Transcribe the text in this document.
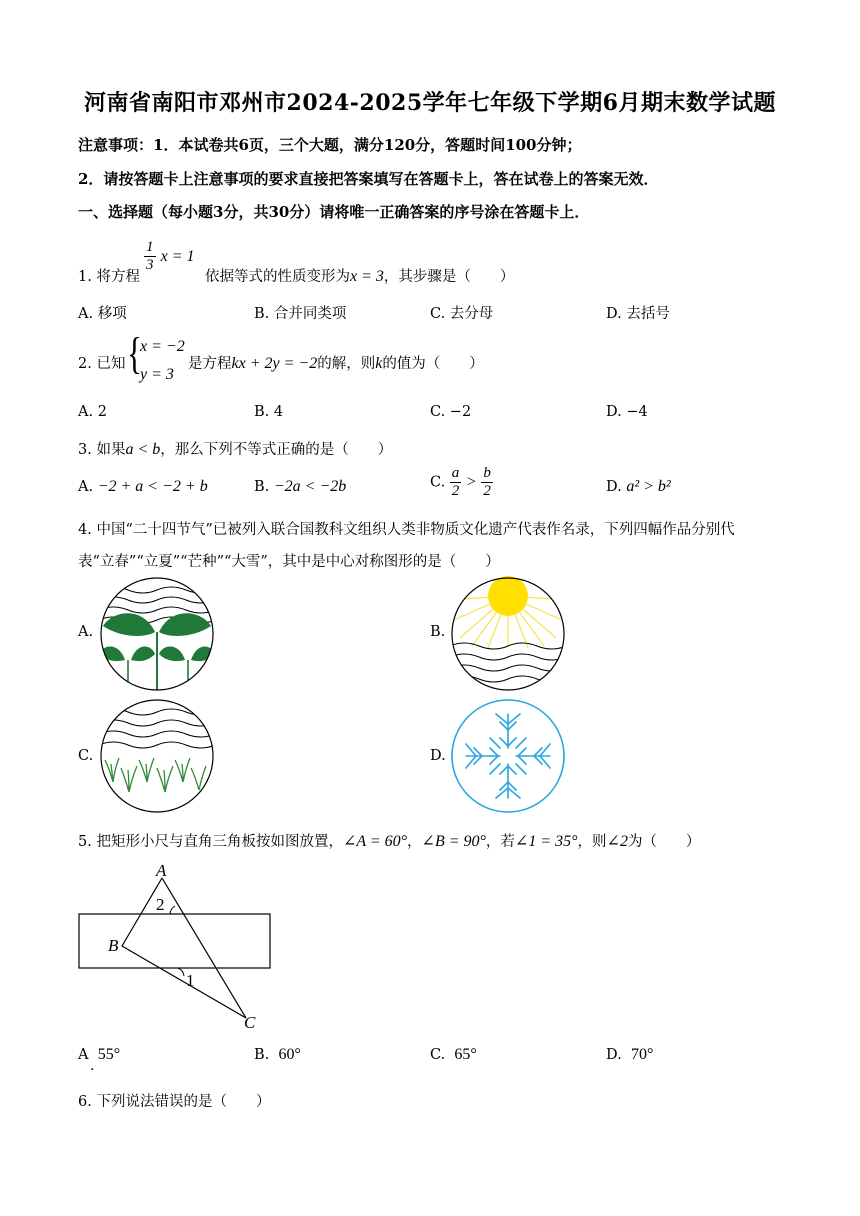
河南省南阳市邓州市2024-2025学年七年级下学期6月期末数学试题
注意事项：1．本试卷共6页，三个大题，满分120分，答题时间100分钟；
2．请按答题卡上注意事项的要求直接把答案填写在答题卡上，答在试卷上的答案无效．
一、选择题（每小题3分，共30分）请将唯一正确答案的序号涂在答题卡上．
$\frac{1}{3}$ x = 1
1. 将方程	依据等式的性质变形为x = 3，其步骤是（　　）
A. 移项	B. 合并同类项	C. 去分母	D. 去括号
2. 已知 {
x = −2
y = 3
是方程kx + 2y = −2的解，则k的值为（　　）
A. 2	B. 4	C. −2	D. −4
3. 如果a < b，那么下列不等式正确的是（　　）
A. −2 + a < −2 + b	B. −2a < −2b	C. $\frac{a}{2} > \frac{b}{2}$	D. a² > b²
4. 中国“二十四节气”已被列入联合国教科文组织人类非物质文化遗产代表作名录，下列四幅作品分别代
表“立春”“立夏”“芒种”“大雪”，其中是中心对称图形的是（　　）
A.	B.
C.	D.
5. 把矩形小尺与直角三角板按如图放置，∠A = 60°，∠B = 90°，若∠1 = 35°，则∠2为（　　）
A
B
C
2
1
A 55°
.
B. 60°	C. 65°	D. 70°
6. 下列说法错误的是（　　）
